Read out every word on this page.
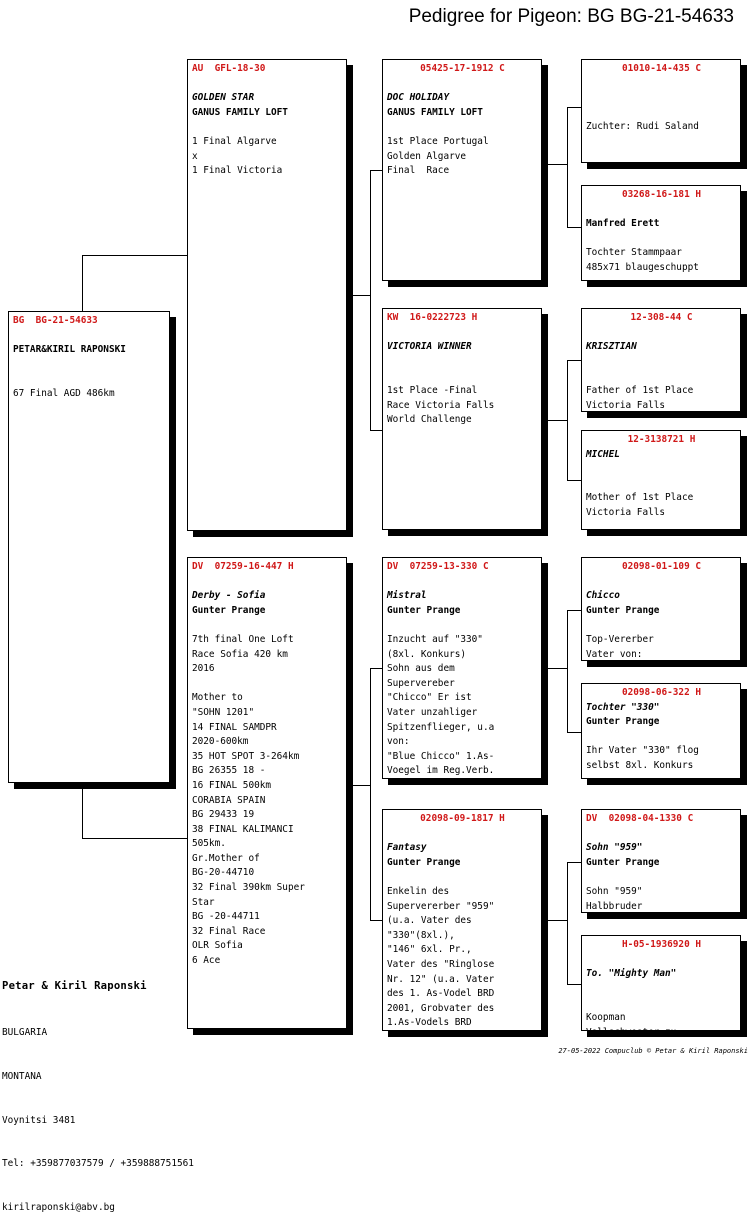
Pedigree for Pigeon: BG BG-21-54633
BG  BG-21-54633
PETAR&KIRIL RAPONSKI
67 Final AGD 486km
AU  GFL-18-30
GOLDEN STAR
GANUS FAMILY LOFT
1 Final Algarve
x
1 Final Victoria
DV  07259-16-447 H
Derby - Sofia
Gunter Prange
7th final One Loft
Race Sofia 420 km
2016

Mother to
"SOHN 1201"
14 FINAL SAMDPR
2020-600km
35 HOT SPOT 3-264km
BG 26355 18 -
16 FINAL 500km
CORABIA SPAIN
BG 29433 19
38 FINAL KALIMANCI
505km.
Gr.Mother of
BG-20-44710
32 Final 390km Super
Star
BG -20-44711
32 Final Race
OLR Sofia
6 Ace
05425-17-1912 C
DOC HOLIDAY
GANUS FAMILY LOFT
1st Place Portugal
Golden Algarve
Final  Race
KW  16-0222723 H
VICTORIA WINNER
1st Place -Final
Race Victoria Falls
World Challenge
DV  07259-13-330 C
Mistral
Gunter Prange
Inzucht auf "330"
(8xl. Konkurs)
Sohn aus dem
Supervereber
"Chicco" Er ist
Vater unzahliger
Spitzenflieger, u.a
von:
"Blue Chicco" 1.As-
Voegel im Reg.Verb.
02098-09-1817 H
Fantasy
Gunter Prange
Enkelin des
Supervererber "959"
(u.a. Vater des
"330"(8xl.),
"146" 6xl. Pr.,
Vater des "Ringlose
Nr. 12" (u.a. Vater
des 1. As-Vodel BRD
2001, Grobvater des
1.As-Vodels BRD
01010-14-435 C
Zuchter: Rudi Saland
03268-16-181 H
Manfred Erett
Tochter Stammpaar
485x71 blaugeschuppt
12-308-44 C
KRISZTIAN
Father of 1st Place
Victoria Falls
12-3138721 H
MICHEL
Mother of 1st Place
Victoria Falls
02098-01-109 C
Chicco
Gunter Prange
Top-Vererber
Vater von:
02098-06-322 H
Tochter "330"
Gunter Prange
Ihr Vater "330" flog
selbst 8xl. Konkurs
DV  02098-04-1330 C
Sohn "959"
Gunter Prange
Sohn "959"
Halbbruder
H-05-1936920 H
To. "Mighty Man"
Koopman
Vollschwester zu:

Petar & Kiril Raponski

BULGARIA

MONTANA

Voynitsi 3481

Tel: +359877037579 / +359888751561

kirilraponski@abv.bg

27-05-2022 Compuclub © Petar & Kiril Raponski
